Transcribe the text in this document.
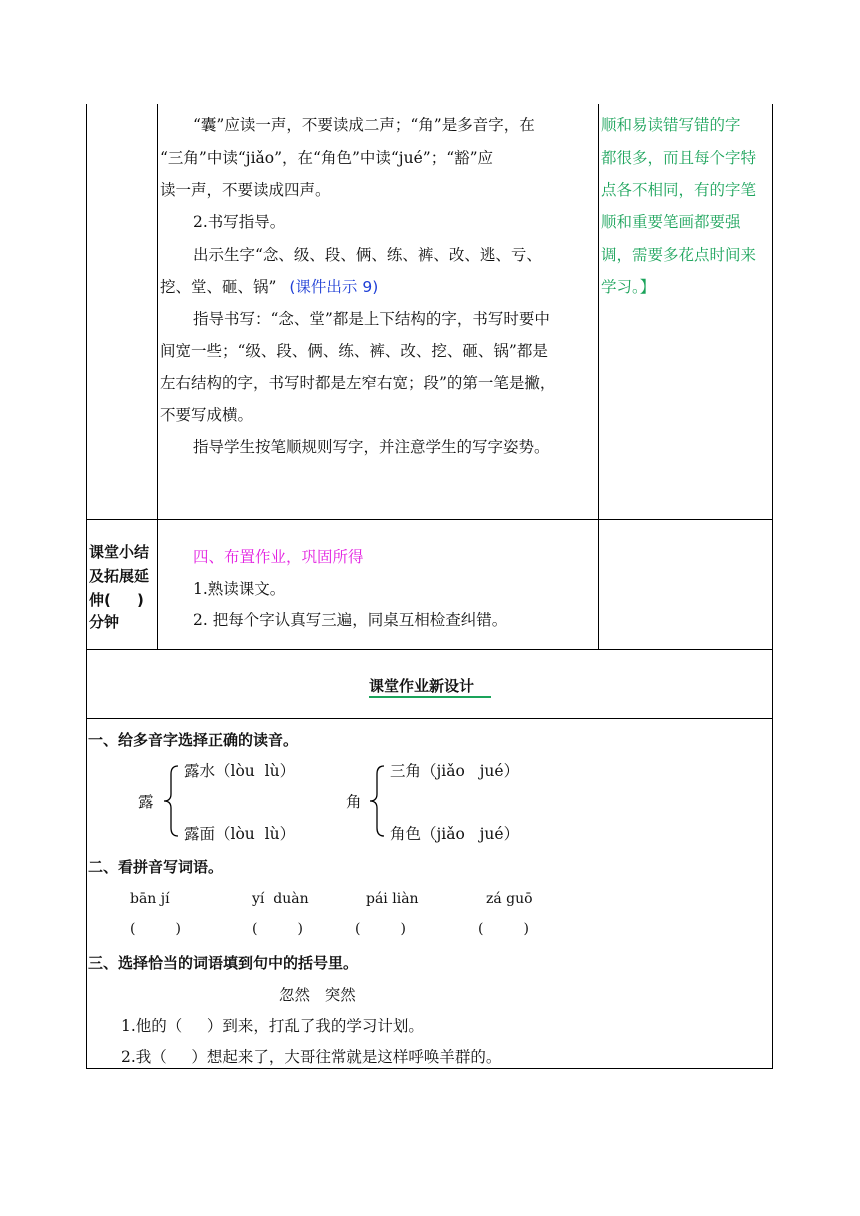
“囊”应读一声，不要读成二声；“角”是多音字，在
“三角”中读“jiǎo”，在“角色”中读“jué”；“豁”应
读一声，不要读成四声。
2.书写指导。
出示生字“念、级、段、俩、练、裤、改、逃、亏、
挖、堂、砸、锅” (课件出示 9)
指导书写：“念、堂”都是上下结构的字，书写时要中
间宽一些；“级、段、俩、练、裤、改、挖、砸、锅”都是
左右结构的字，书写时都是左窄右宽；段”的第一笔是撇，
不要写成横。
指导学生按笔顺规则写字，并注意学生的写字姿势。
顺和易读错写错的字
都很多，而且每个字特
点各不相同，有的字笔
顺和重要笔画都要强
调，需要多花点时间来
学习。】
课堂小结
及拓展延
伸(     )
分钟
四、布置作业，巩固所得
1.熟读课文。
2. 把每个字认真写三遍，同桌互相检查纠错。
课堂作业新设计
一、给多音字选择正确的读音。
露水（lòu  lù）
露
露面（lòu  lù）
三角（jiǎo   jué）
角
角色（jiǎo   jué）
二、看拼音写词语。
bān jí	yí  duàn	pái liàn	zá guō
(         )	(         )	(         )	(         )
三、选择恰当的词语填到句中的括号里。
忽然   突然
1.他的（     ）到来，打乱了我的学习计划。
2.我（     ）想起来了，大哥往常就是这样呼唤羊群的。
